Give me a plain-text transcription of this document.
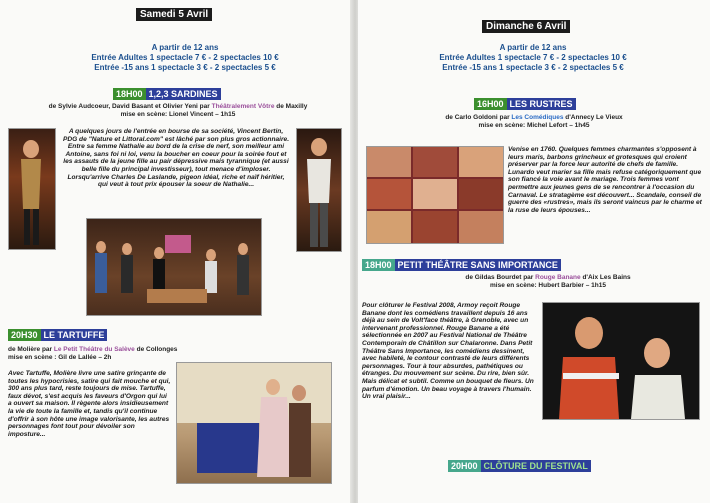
Samedi 5 Avril
A partir de 12 ans
Entrée Adultes 1 spectacle 7 € - 2 spectacles 10 €
Entrée -15 ans 1 spectacle 3 € - 2 spectacles 5 €
18H00 1,2,3 SARDINES
de Sylvie Audcoeur, David Basant et Olivier Yeni par Théâtralement Vôtre de Maxilly
mise en scène: Lionel Vincent – 1h15
A quelques jours de l'entrée en bourse de sa société, Vincent Bertin, PDG de "Nature et Littoral.com" est lâché par son plus gros actionnaire. Entre sa femme Nathalie au bord de la crise de nerf, son meilleur ami Antoine, sans foi ni loi, venu la boucher en coeur pour la soirée fout et les assauts de la jeune fille au pair dépressive mais tyrannique (et aussi belle fille du principal investisseur), tout menace d'imploser. Lorsqu'arrive Charles De Laslande, pigeon idéal, riche et naïf héritier, qui veut à tout prix épouser la soeur de Nathalie...
20H30 LE TARTUFFE
de Molière par Le Petit Théâtre du Salève de Collonges
mise en scène : Gil de Lallée – 2h
Avec Tartuffe, Molière livre une satire grinçante de toutes les hypocrisies, satire qui fait mouche et qui, 300 ans plus tard, reste toujours de mise. Tartuffe, faux dévot, s'est acquis les faveurs d'Orgon qui lui a ouvert sa maison. Il règente alors insidieusement la vie de toute la famille et, tandis qu'il continue d'offrir à son hôte une image valorisante, les autres personnages font tout pour dévoiler son imposture...
Dimanche 6 Avril
A partir de 12 ans
Entrée Adultes 1 spectacle 7 € - 2 spectacles 10 €
Entrée -15 ans 1 spectacle 3 € - 2 spectacles 5 €
16H00 LES RUSTRES
de Carlo Goldoni par Les Comédiques d'Annecy Le Vieux
mise en scène: Michel Lefort – 1h45
Venise en 1760. Quelques femmes charmantes s'opposent à leurs maris, barbons grincheux et grotesques qui croient préserver par la force leur autorité de chefs de famille. Lunardo veut marier sa fille mais refuse catégoriquement que son fiancé la voie avant le mariage. Trois femmes vont permettre aux jeunes gens de se rencontrer à l'occasion du Carnaval. Le stratagème est découvert... Scandale, conseil de guerre des «rustres», mais ils seront vaincus par le charme et la ruse de leurs épouses...
18H00 PETIT THÉÂTRE SANS IMPORTANCE
de Gildas Bourdet par Rouge Banane d'Aix Les Bains
mise en scène: Hubert Barbier – 1h15
Pour clôturer le Festival 2008, Armoy reçoit Rouge Banane dont les comédiens travaillent depuis 16 ans déjà au sein de Volt'face théâtre, à Grenoble, avec un intervenant professionnel. Rouge Banane a été sélectionnée en 2007 au Festival National de Théâtre Contemporain de Châtillon sur Chalaronne. Dans Petit Théâtre Sans Importance, les comédiens dessinent, avec habileté, le contour contrasté de leurs différents personnages. Tour à tour absurdes, pathétiques ou étranges. Du mouvement sur scène. Du rire, bien sûr. Mais délicat et subtil. Comme un bouquet de fleurs. Un parfum d'émotion. Un beau voyage à travers l'humain. Un vrai plaisir...
20H00 CLÔTURE DU FESTIVAL
